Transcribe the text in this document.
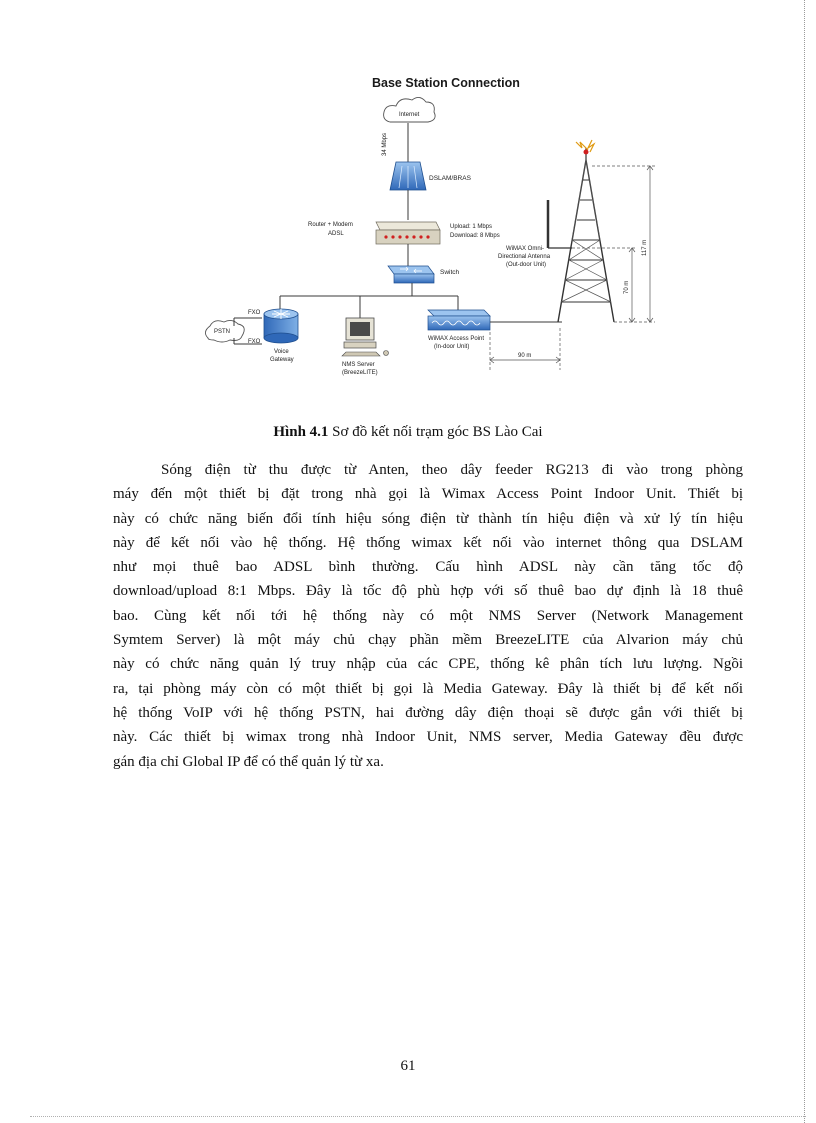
Base Station Connection
Internet
34 Mbps
DSLAM/BRAS
Router + Modem
ADSL
Upload: 1 Mbps
Download: 8 Mbps
Switch
PSTN
FXO
FXO
Voice
Gateway
NMS Server
(BreezeLITE)
WiMAX Access Point
(In-door Unit)
WiMAX Omni-
Directional Antenna
(Out-door Unit)
117 m
70 m
90 m
Hình 4.1 Sơ đồ kết nối trạm góc BS Lào Cai
Sóng điện từ thu được từ Anten, theo dây feeder RG213 đi vào trong phòng
máy đến một thiết bị đặt trong nhà gọi là Wimax Access Point Indoor Unit. Thiết bị
này có chức năng biến đổi tính hiệu sóng điện từ thành tín hiệu điện và xử lý tín hiệu
này để kết nối vào hệ thống. Hệ thống wimax kết nối vào internet thông qua DSLAM
như mọi thuê bao ADSL bình thường. Cấu hình ADSL này cần tăng tốc độ
download/upload 8:1 Mbps. Đây là tốc độ phù hợp với số thuê bao dự định là 18 thuê
bao. Cùng kết nối tới hệ thống này có một NMS Server (Network Management
Symtem Server) là một máy chủ chạy phần mềm BreezeLITE của Alvarion máy chủ
này có chức năng quản lý truy nhập của các CPE, thống kê phân tích lưu lượng. Ngồi
ra, tại phòng máy còn có một thiết bị gọi là Media Gateway. Đây là thiết bị để kết nối
hệ thống VoIP với hệ thống PSTN, hai đường dây điện thoại sẽ được gắn với thiết bị
này. Các thiết bị wimax trong nhà Indoor Unit, NMS server, Media Gateway đều được
gán địa chỉ Global IP để có thể quản lý từ xa.
61
